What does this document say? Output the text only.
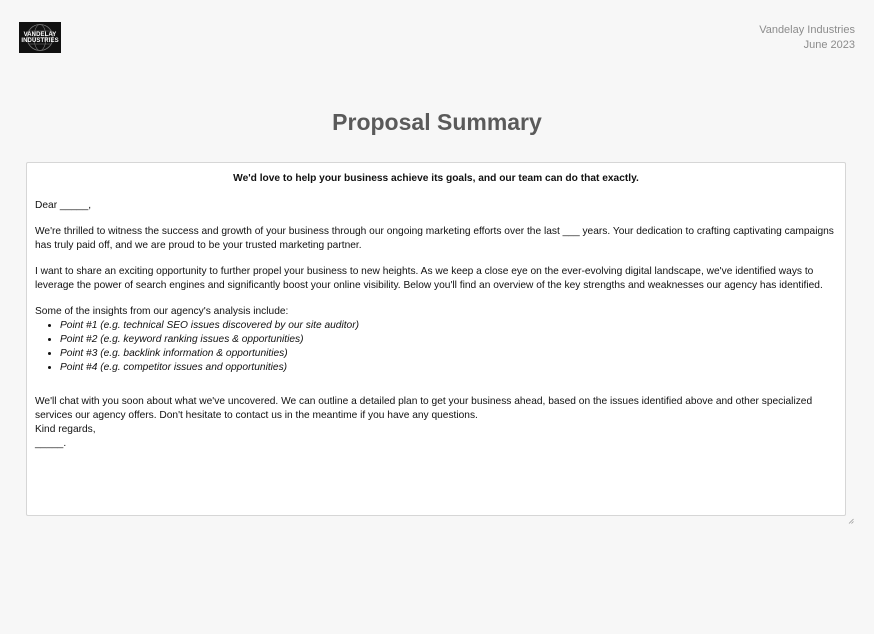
VANDELAY
INDUSTRIES
Vandelay Industries
June 2023
Proposal Summary

We'd love to help your business achieve its goals, and our team can do that exactly.

Dear _____,

We're thrilled to witness the success and growth of your business through our ongoing marketing efforts over the last ___ years. Your dedication to crafting captivating campaigns has truly paid off, and we are proud to be your trusted marketing partner.

I want to share an exciting opportunity to further propel your business to new heights. As we keep a close eye on the ever-evolving digital landscape, we've identified ways to leverage the power of search engines and significantly boost your online visibility. Below you'll find an overview of the key strengths and weaknesses our agency has identified.

Some of the insights from our agency's analysis include:

• Point #1 (e.g. technical SEO issues discovered by our site auditor)
• Point #2 (e.g. keyword ranking issues & opportunities)
• Point #3 (e.g. backlink information & opportunities)
• Point #4 (e.g. competitor issues and opportunities)

We'll chat with you soon about what we've uncovered. We can outline a detailed plan to get your business ahead, based on the issues identified above and other specialized services our agency offers. Don't hesitate to contact us in the meantime if you have any questions.

Kind regards,

_____.
